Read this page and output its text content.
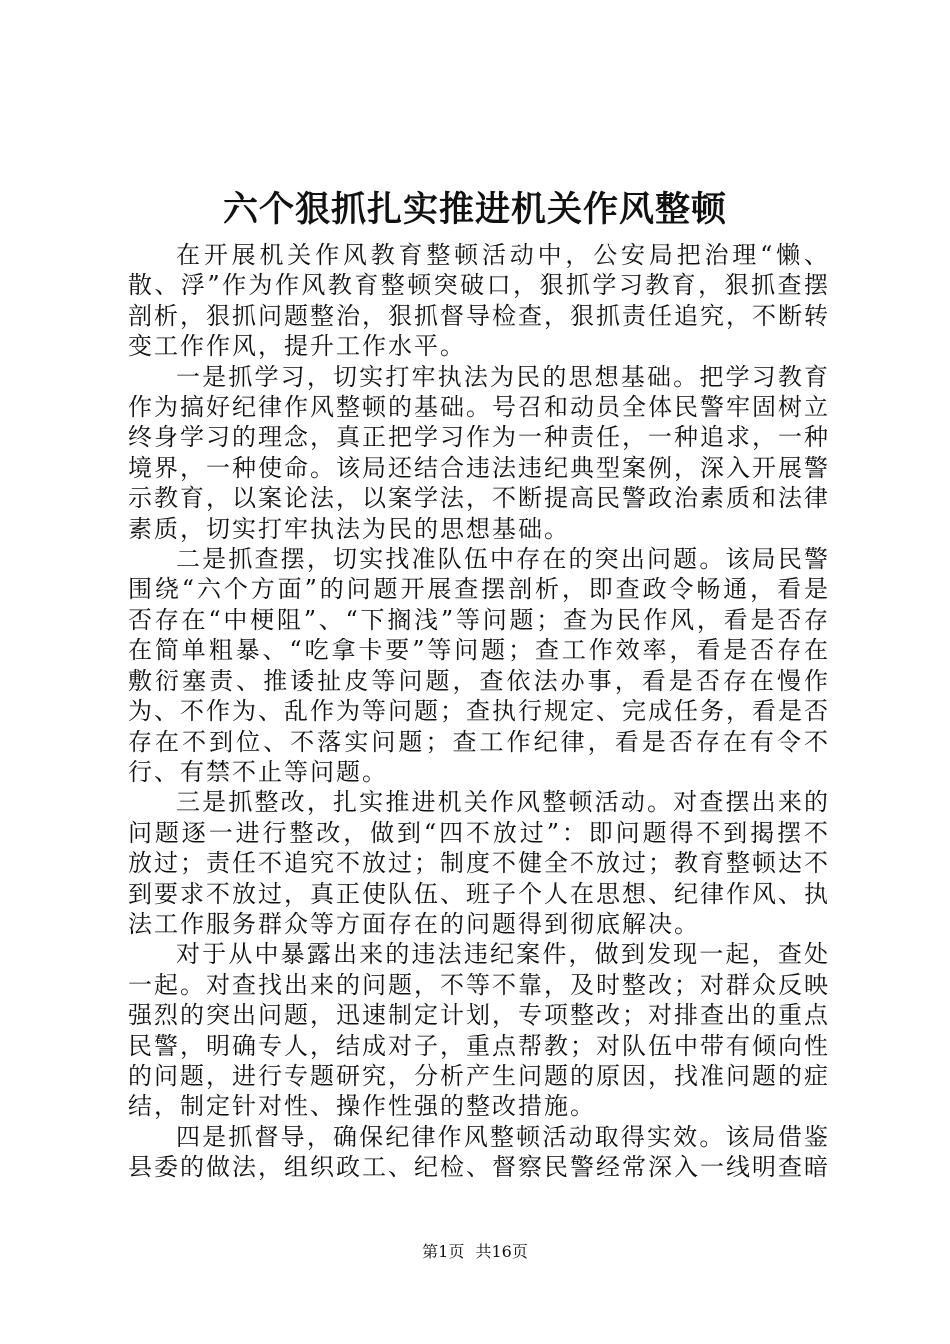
六个狠抓扎实推进机关作风整顿

在开展机关作风教育整顿活动中，公安局把治理“懒、散、浮”作为作风教育整顿突破口，狠抓学习教育，狠抓查摆剖析，狠抓问题整治，狠抓督导检查，狠抓责任追究，不断转变工作作风，提升工作水平。

一是抓学习，切实打牢执法为民的思想基础。把学习教育作为搞好纪律作风整顿的基础。号召和动员全体民警牢固树立终身学习的理念，真正把学习作为一种责任，一种追求，一种境界，一种使命。该局还结合违法违纪典型案例，深入开展警示教育，以案论法，以案学法，不断提高民警政治素质和法律素质，切实打牢执法为民的思想基础。

二是抓查摆，切实找准队伍中存在的突出问题。该局民警围绕“六个方面”的问题开展查摆剖析，即查政令畅通，看是否存在“中梗阻”、“下搁浅”等问题；查为民作风，看是否存在简单粗暴、“吃拿卡要”等问题；查工作效率，看是否存在敷衍塞责、推诿扯皮等问题，查依法办事，看是否存在慢作为、不作为、乱作为等问题；查执行规定、完成任务，看是否存在不到位、不落实问题；查工作纪律，看是否存在有令不行、有禁不止等问题。

三是抓整改，扎实推进机关作风整顿活动。对查摆出来的问题逐一进行整改，做到“四不放过”：即问题得不到揭摆不放过；责任不追究不放过；制度不健全不放过；教育整顿达不到要求不放过，真正使队伍、班子个人在思想、纪律作风、执法工作服务群众等方面存在的问题得到彻底解决。

对于从中暴露出来的违法违纪案件，做到发现一起，查处一起。对查找出来的问题，不等不靠，及时整改；对群众反映强烈的突出问题，迅速制定计划，专项整改；对排查出的重点民警，明确专人，结成对子，重点帮教；对队伍中带有倾向性的问题，进行专题研究，分析产生问题的原因，找准问题的症结，制定针对性、操作性强的整改措施。

四是抓督导，确保纪律作风整顿活动取得实效。该局借鉴县委的做法，组织政工、纪检、督察民警经常深入一线明查暗

第1页 共16页
